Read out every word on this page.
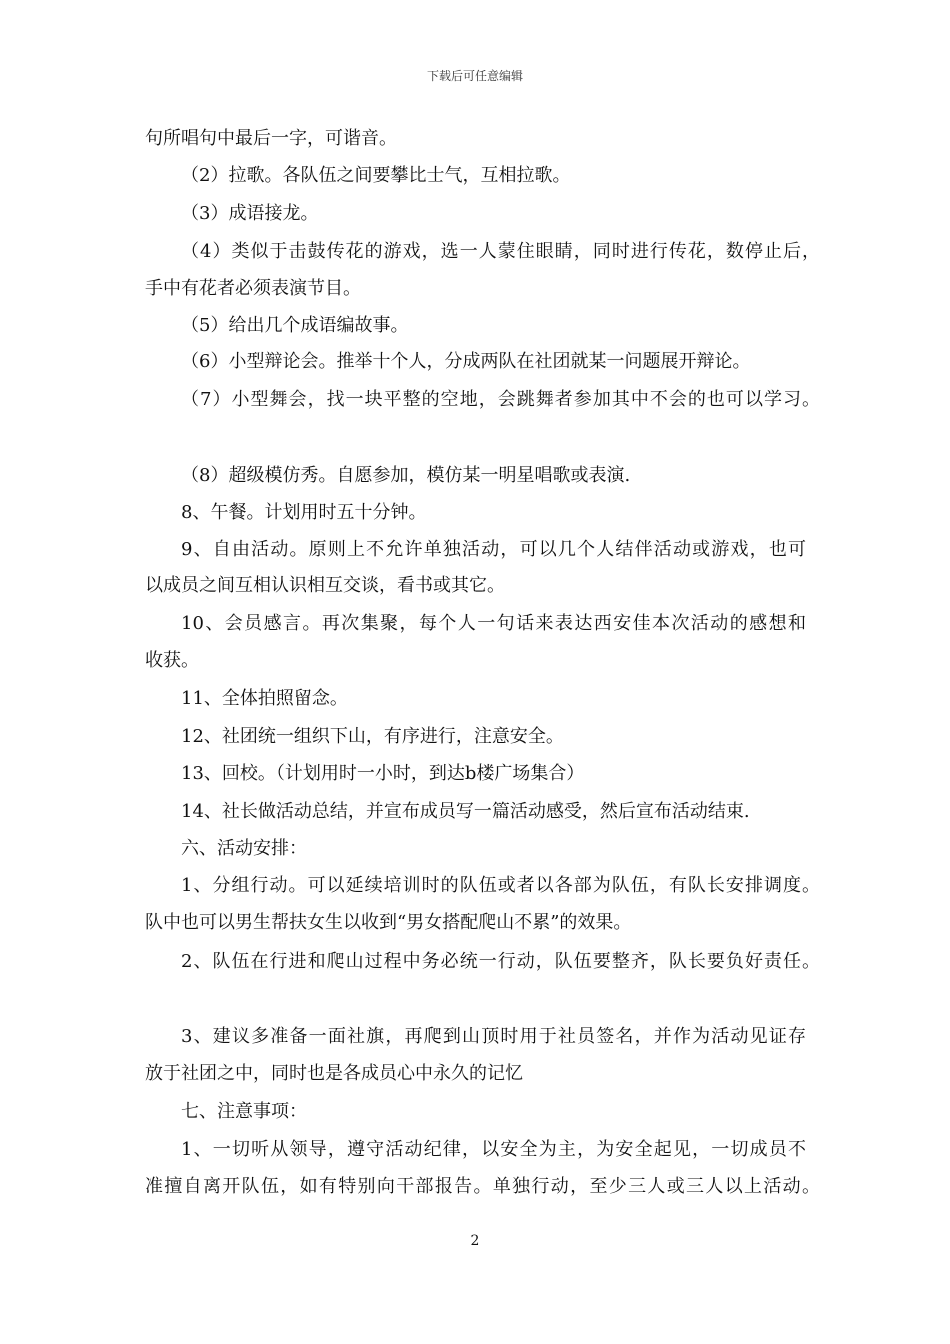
下载后可任意编辑
句所唱句中最后一字，可谐音。
（2）拉歌。各队伍之间要攀比士气，互相拉歌。
（3）成语接龙。
（4）类似于击鼓传花的游戏，选一人蒙住眼睛，同时进行传花，数停止后，
手中有花者必须表演节目。
（5）给出几个成语编故事。
（6）小型辩论会。推举十个人，分成两队在社团就某一问题展开辩论。
（7）小型舞会，找一块平整的空地，会跳舞者参加其中不会的也可以学习。
（8）超级模仿秀。自愿参加，模仿某一明星唱歌或表演.
8、午餐。计划用时五十分钟。
9、自由活动。原则上不允许单独活动，可以几个人结伴活动或游戏，也可
以成员之间互相认识相互交谈，看书或其它。
10、会员感言。再次集聚，每个人一句话来表达西安佳本次活动的感想和
收获。
11、全体拍照留念。
12、社团统一组织下山，有序进行，注意安全。
13、回校。（计划用时一小时，到达b楼广场集合）
14、社长做活动总结，并宣布成员写一篇活动感受，然后宣布活动结束.
六、活动安排：
1、分组行动。可以延续培训时的队伍或者以各部为队伍，有队长安排调度。
队中也可以男生帮扶女生以收到“男女搭配爬山不累”的效果。
2、队伍在行进和爬山过程中务必统一行动，队伍要整齐，队长要负好责任。
3、建议多准备一面社旗，再爬到山顶时用于社员签名，并作为活动见证存
放于社团之中，同时也是各成员心中永久的记忆
七、注意事项：
1、一切听从领导，遵守活动纪律，以安全为主，为安全起见，一切成员不
准擅自离开队伍，如有特别向干部报告。单独行动，至少三人或三人以上活动。
2
